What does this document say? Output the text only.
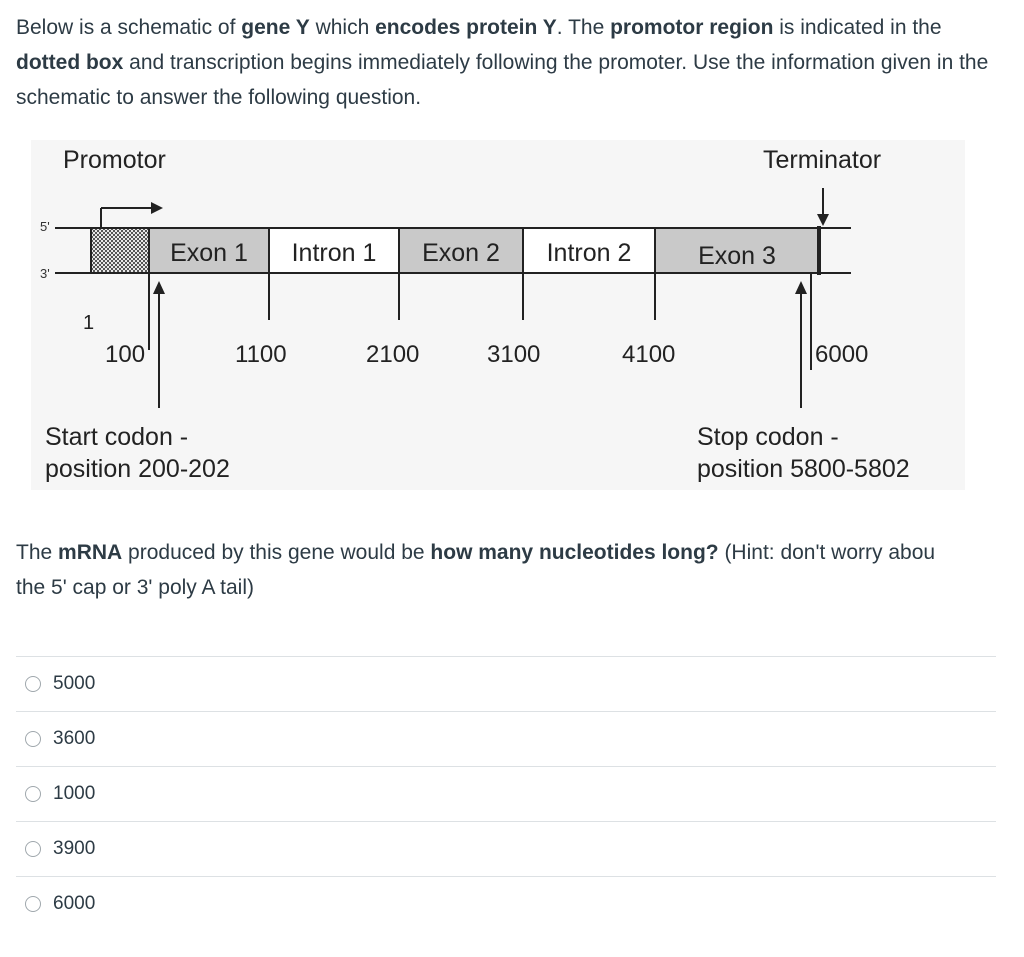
Below is a schematic of gene Y which encodes protein Y. The promotor region is indicated in the dotted box and transcription begins immediately following the promoter. Use the information given in the schematic to answer the following question.
Promotor	Terminator
5'
3'
Exon 1 Intron 1 Exon 2 Intron 2	Exon 3
1
100	1100	2100	3100	4100	6000
Start codon -
position 200-202
Stop codon -
position 5800-5802
The mRNA produced by this gene would be how many nucleotides long? (Hint: don't worry abou
the 5' cap or 3' poly A tail)
5000
3600
1000
3900
6000
